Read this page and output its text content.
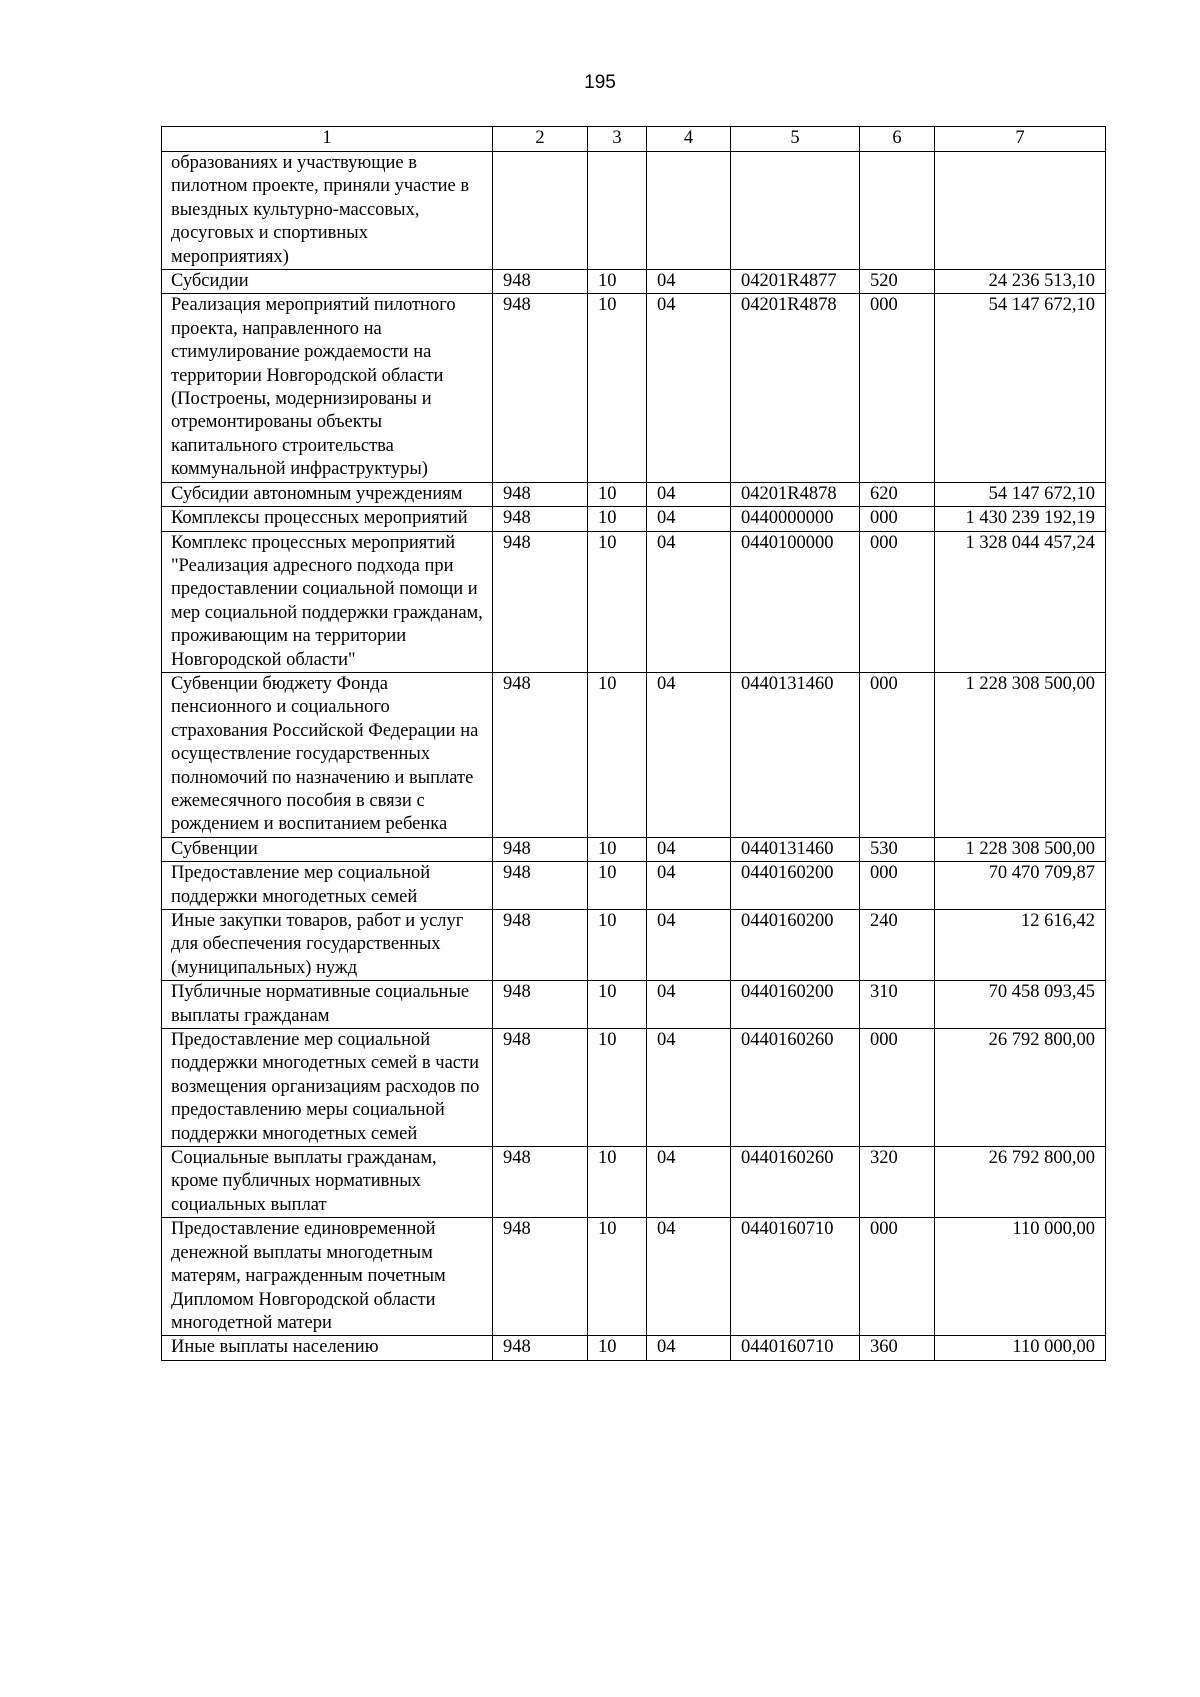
195
1	2	3	4	5	6	7
образованиях и участвующие в пилотном проекте, приняли участие в выездных культурно-массовых, досуговых и спортивных мероприятиях)						
Субсидии	948	10	04	04201R4877	520	24 236 513,10
Реализация мероприятий пилотного проекта, направленного на стимулирование рождаемости на территории Новгородской области (Построены, модернизированы и отремонтированы объекты капитального строительства коммунальной инфраструктуры)	948	10	04	04201R4878	000	54 147 672,10
Субсидии автономным учреждениям	948	10	04	04201R4878	620	54 147 672,10
Комплексы процессных мероприятий	948	10	04	0440000000	000	1 430 239 192,19
Комплекс процессных мероприятий "Реализация адресного подхода при предоставлении социальной помощи и мер социальной поддержки гражданам, проживающим на территории Новгородской области"	948	10	04	0440100000	000	1 328 044 457,24
Субвенции бюджету Фонда пенсионного и социального страхования Российской Федерации на осуществление государственных полномочий по назначению и выплате ежемесячного пособия в связи с рождением и воспитанием ребенка	948	10	04	0440131460	000	1 228 308 500,00
Субвенции	948	10	04	0440131460	530	1 228 308 500,00
Предоставление мер социальной поддержки многодетных семей	948	10	04	0440160200	000	70 470 709,87
Иные закупки товаров, работ и услуг для обеспечения государственных (муниципальных) нужд	948	10	04	0440160200	240	12 616,42
Публичные нормативные социальные выплаты гражданам	948	10	04	0440160200	310	70 458 093,45
Предоставление мер социальной поддержки многодетных семей в части возмещения организациям расходов по предоставлению меры социальной поддержки многодетных семей	948	10	04	0440160260	000	26 792 800,00
Социальные выплаты гражданам, кроме публичных нормативных социальных выплат	948	10	04	0440160260	320	26 792 800,00
Предоставление единовременной денежной выплаты многодетным матерям, награжденным почетным Дипломом Новгородской области многодетной матери	948	10	04	0440160710	000	110 000,00
Иные выплаты населению	948	10	04	0440160710	360	110 000,00
